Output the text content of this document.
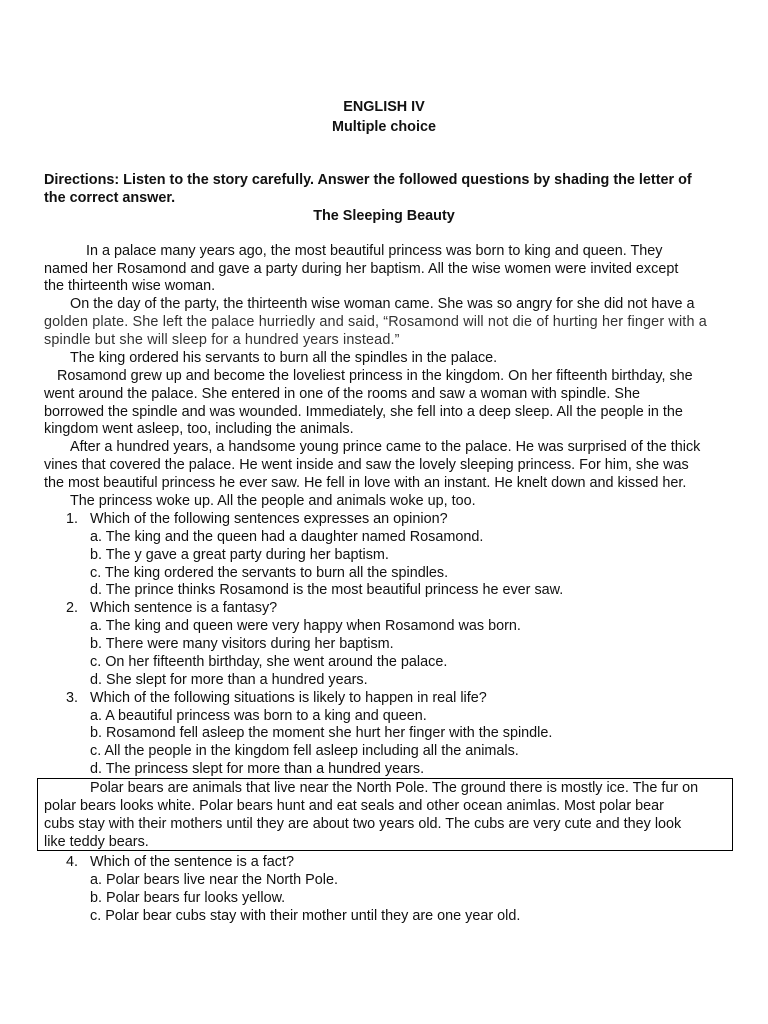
ENGLISH IV
Multiple choice
Directions: Listen to the story carefully. Answer the followed questions by shading the letter of
the correct answer.
The Sleeping Beauty
In a palace many years ago, the most beautiful princess was born to king and queen. They
named her Rosamond and gave a party during her baptism. All the wise women were invited except
the thirteenth wise woman.
On the day of the party, the thirteenth wise woman came. She was so angry for she did not have a
golden plate. She left the palace hurriedly and said, “Rosamond will not die of hurting her finger with a
spindle but she will sleep for a hundred years instead.”
The king ordered his servants to burn all the spindles in the palace.
Rosamond grew up and become the loveliest princess in the kingdom. On her fifteenth birthday, she
went around the palace. She entered in one of the rooms and saw a woman with spindle. She
borrowed the spindle and was wounded. Immediately, she fell into a deep sleep. All the people in the
kingdom went asleep, too, including the animals.
After a hundred years, a handsome young prince came to the palace. He was surprised of the thick
vines that covered the palace. He went inside and saw the lovely sleeping princess. For him, she was
the most beautiful princess he ever saw. He fell in love with an instant. He knelt down and kissed her.
The princess woke up. All the people and animals woke up, too.
1. Which of the following sentences expresses an opinion?
a. The king and the queen had a daughter named Rosamond.
b. The y gave a great party during her baptism.
c. The king ordered the servants to burn all the spindles.
d. The prince thinks Rosamond is the most beautiful princess he ever saw.
2. Which sentence is a fantasy?
a. The king and queen were very happy when Rosamond was born.
b. There were many visitors during her baptism.
c. On her fifteenth birthday, she went around the palace.
d. She slept for more than a hundred years.
3. Which of the following situations is likely to happen in real life?
a. A beautiful princess was born to a king and queen.
b. Rosamond fell asleep the moment she hurt her finger with the spindle.
c. All the people in the kingdom fell asleep including all the animals.
d. The princess slept for more than a hundred years.
Polar bears are animals that live near the North Pole. The ground there is mostly ice. The fur on
polar bears looks white. Polar bears hunt and eat seals and other ocean animlas. Most polar bear
cubs stay with their mothers until they are about two years old. The cubs are very cute and they look
like teddy bears.
4. Which of the sentence is a fact?
a. Polar bears live near the North Pole.
b. Polar bears fur looks yellow.
c. Polar bear cubs stay with their mother until they are one year old.
